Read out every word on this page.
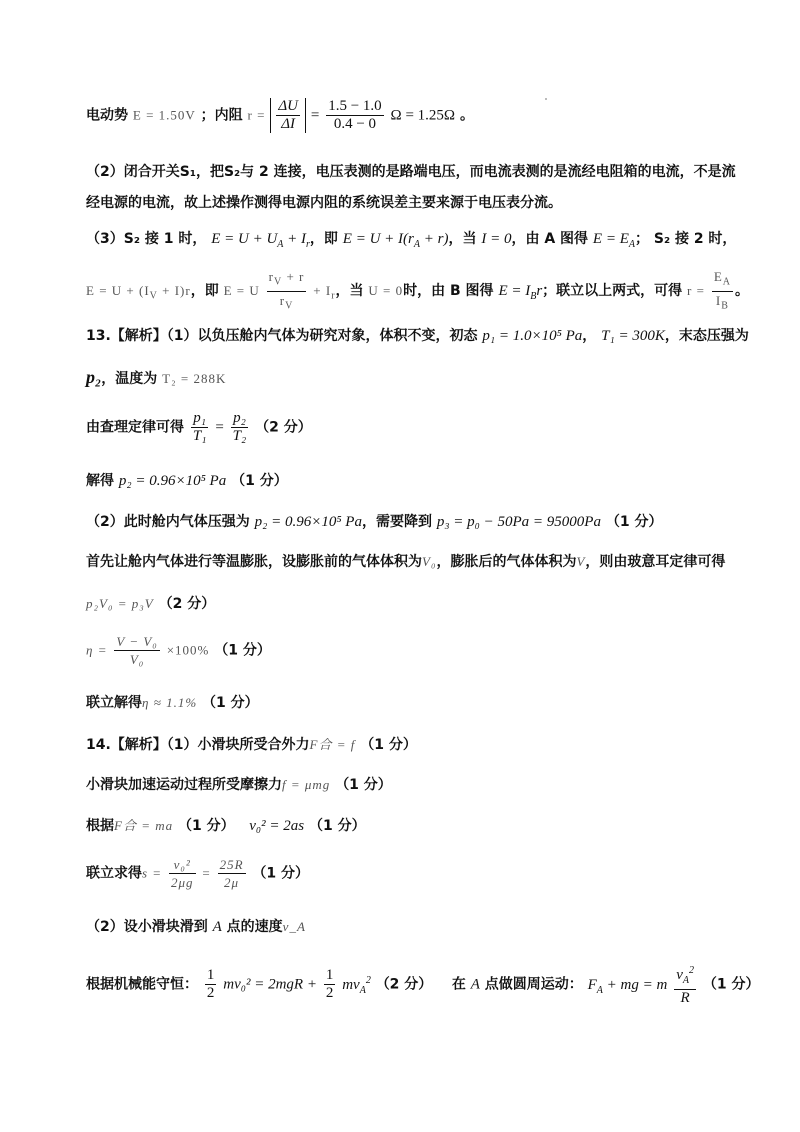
电动势 E = 1.50V ；内阻 $r = \frac{\Delta U}{\Delta I} = \frac{1.5 - 1.0}{0.4 - 0}$ Ω = 1.25Ω 。
（2）闭合开关S₁，把S₂与 2 连接，电压表测的是路端电压，而电流表测的是流经电阻箱的电流，不是流
经电源的电流，故上述操作测得电源内阻的系统误差主要来源于电压表分流。
（3）S₂ 接 1 时， $E = U + U_A + I_r$，即 $E = U + I(r_A + r)$，当 I = 0，由 A 图得 $E = E_A$； S₂ 接 2 时，
$E = U + (I_V + I)r$，即 E = U $\frac{r_V + r}{r_V} + I_r$，当 U = 0时，由 B 图得 $E = I_Br$；联立以上两式，可得 $r = \frac{E_A}{I_B}$ 。
13.【解析】（1）以负压舱内气体为研究对象，体积不变，初态 p₁ = 1.0×10⁵ Pa， T₁ = 300K，末态压强为
p₂，温度为 T₂ = 288K
由查理定律可得 $\frac{\text{p₁}}{\text{T₁}} = \frac{\text{p₂}}{\text{T₂}} (2$ 分）
解得 p₂ = 0.96×10⁵ Pa （1 分）
（2）此时舱内气体压强为 p₂ = 0.96×10⁵ Pa，需要降到 p₃ = p₀ − 50Pa = 95000Pa （1 分）
首先让舱内气体进行等温膨胀，设膨胀前的气体体积为V₀，膨胀后的气体体积为V，则由玻意耳定律可得
p₂V₀ = p₃V （2 分）
$\eta = \frac{\text{V − V₀}}{\text{V₀}} \times 100\%$ （1 分）
联立解得η ≈ 1.1% （1 分）
14.【解析】（1）小滑块所受合外力F合 = f （1 分）
小滑块加速运动过程所受摩擦力f = μmg （1 分）
根据F合 = ma （1 分） v₀² = 2as （1 分）
联立求得$s = \frac{\text{v₀²}}{2\mu g} = \frac{25R}{2\mu} (1$ 分）
（2）设小滑块滑到 A 点的速度v_A
根据机械能守恒： $\frac{1}{2} mv_0^2 = 2mgR + \frac{1}{2} mv_A^2$ （2 分） 在 A 点做圆周运动： $F_A$ + mg = m $\frac{v_A^2}{R} (1$ 分）
